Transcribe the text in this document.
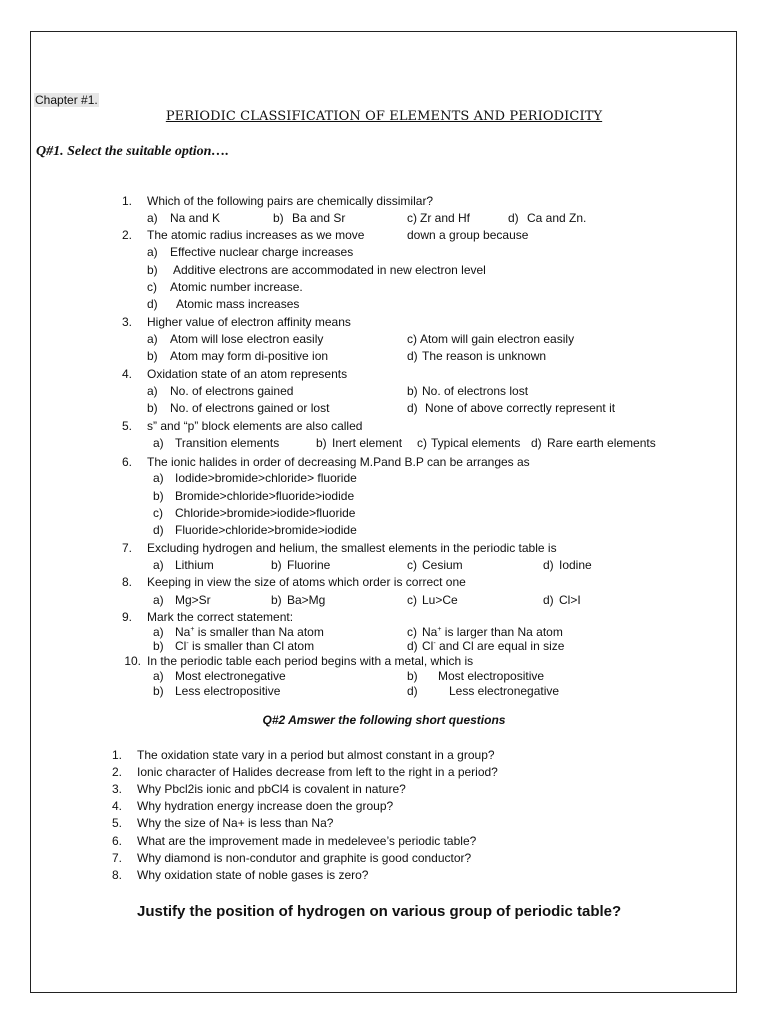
Chapter #1.
PERIODIC CLASSIFICATION OF ELEMENTS AND PERIODICITY
Q#1. Select the suitable option….
1. Which of the following pairs are chemically dissimilar?
a) Na and K	b) Ba and Sr	c) Zr and Hf	d) Ca and Zn.
2. The atomic radius increases as we move	down a group because
a) Effective nuclear charge increases
b) Additive electrons are accommodated in new electron level
c) Atomic number increase.
d) Atomic mass increases
3. Higher value of electron affinity means
a) Atom will lose electron easily	c) Atom will gain electron easily
b) Atom may form di-positive ion	d) The reason is unknown
4. Oxidation state of an atom represents
a) No. of electrons gained	b) No. of electrons lost
b) No. of electrons gained or lost	d) None of above correctly represent it
5. s” and “p” block elements are also called
a) Transition elements	b) Inert element c) Typical elements d) Rare earth elements
6. The ionic halides in order of decreasing M.Pand B.P can be arranges as
a) Iodide>bromide>chloride> fluoride
b) Bromide>chloride>fluoride>iodide
c) Chloride>bromide>iodide>fluoride
d) Fluoride>chloride>bromide>iodide
7. Excluding hydrogen and helium, the smallest elements in the periodic table is
a) Lithium	b) Fluorine	c) Cesium	d) Iodine
8. Keeping in view the size of atoms which order is correct one
a) Mg>Sr	b) Ba>Mg	c) Lu>Ce	d) Cl>I
9. Mark the correct statement:
a) Na+ is smaller than Na atom	c) Na+ is larger than Na atom
b) Cl- is smaller than Cl atom	d) Cl- and Cl are equal in size
10. In the periodic table each period begins with a metal, which is
a) Most electronegative	b) Most electropositive
b) Less electropositive	d)	Less electronegative
Q#2 Amswer the following short questions
1. The oxidation state vary in a period but almost constant in a group?
2. Ionic character of Halides decrease from left to the right in a period?
3. Why Pbcl2is ionic and pbCl4 is covalent in nature?
4. Why hydration energy increase doen the group?
5. Why the size of Na+ is less than Na?
6. What are the improvement made in medelevee’s periodic table?
7. Why diamond is non-condutor and graphite is good conductor?
8. Why oxidation state of noble gases is zero?
Justify the position of hydrogen on various group of periodic table?
